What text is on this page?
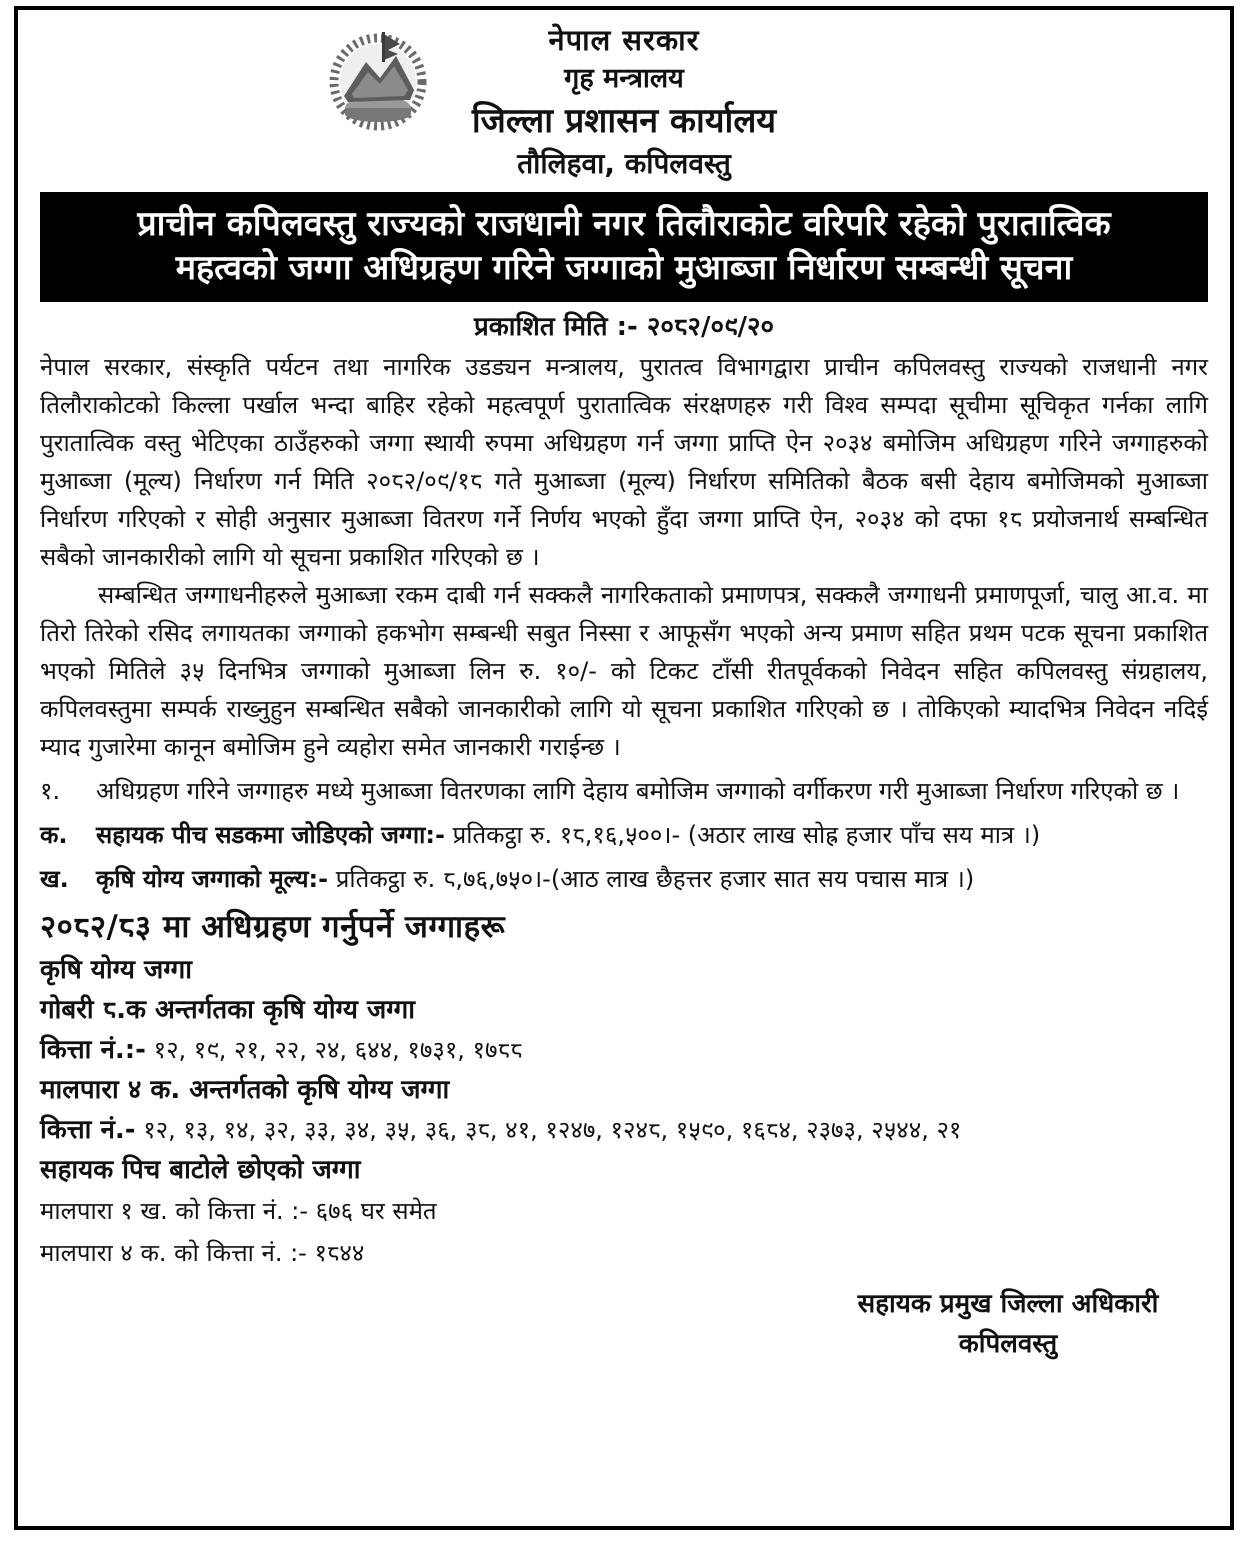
नेपाल सरकार
गृह मन्त्रालय
जिल्ला प्रशासन कार्यालय
तौलिहवा, कपिलवस्तु
प्राचीन कपिलवस्तु राज्यको राजधानी नगर तिलौराकोट वरिपरि रहेको पुरातात्विक
महत्वको जग्गा अधिग्रहण गरिने जग्गाको मुआब्जा निर्धारण सम्बन्धी सूचना
प्रकाशित मिति :- २०८२/०९/२०
नेपाल सरकार, संस्कृति पर्यटन तथा नागरिक उडड्यन मन्त्रालय, पुरातत्व विभागद्वारा प्राचीन कपिलवस्तु राज्यको राजधानी नगर तिलौराकोटको किल्ला पर्खाल भन्दा बाहिर रहेको महत्वपूर्ण पुरातात्विक संरक्षणहरु गरी विश्व सम्पदा सूचीमा सूचिकृत गर्नका लागि पुरातात्विक वस्तु भेटिएका ठाउँहरुको जग्गा स्थायी रुपमा अधिग्रहण गर्न जग्गा प्राप्ति ऐन २०३४ बमोजिम अधिग्रहण गरिने जग्गाहरुको मुआब्जा (मूल्य) निर्धारण गर्न मिति २०८२/०९/१८ गते मुआब्जा (मूल्य) निर्धारण समितिको बैठक बसी देहाय बमोजिमको मुआब्जा निर्धारण गरिएको र सोही अनुसार मुआब्जा वितरण गर्ने निर्णय भएको हुँदा जग्गा प्राप्ति ऐन, २०३४ को दफा १८ प्रयोजनार्थ सम्बन्धित सबैको जानकारीको लागि यो सूचना प्रकाशित गरिएको छ ।
सम्बन्धित जग्गाधनीहरुले मुआब्जा रकम दाबी गर्न सक्कलै नागरिकताको प्रमाणपत्र, सक्कलै जग्गाधनी प्रमाणपूर्जा, चालु आ.व. मा तिरो तिरेको रसिद लगायतका जग्गाको हकभोग सम्बन्धी सबुत निस्सा र आफूसँग भएको अन्य प्रमाण सहित प्रथम पटक सूचना प्रकाशित भएको मितिले ३५ दिनभित्र जग्गाको मुआब्जा लिन रु. १०/- को टिकट टाँसी रीतपूर्वकको निवेदन सहित कपिलवस्तु संग्रहालय, कपिलवस्तुमा सम्पर्क राख्नुहुन सम्बन्धित सबैको जानकारीको लागि यो सूचना प्रकाशित गरिएको छ । तोकिएको म्यादभित्र निवेदन नदिई म्याद गुजारेमा कानून बमोजिम हुने व्यहोरा समेत जानकारी गराईन्छ ।
१. अधिग्रहण गरिने जग्गाहरु मध्ये मुआब्जा वितरणका लागि देहाय बमोजिम जग्गाको वर्गीकरण गरी मुआब्जा निर्धारण गरिएको छ ।
क. सहायक पीच सडकमा जोडिएको जग्गा:- प्रतिकट्ठा रु. १८,१६,५००।- (अठार लाख सोह्र हजार पाँच सय मात्र ।)
ख. कृषि योग्य जग्गाको मूल्य:- प्रतिकट्ठा रु. ८,७६,७५०।-(आठ लाख छैहत्तर हजार सात सय पचास मात्र ।)
२०८२/८३ मा अधिग्रहण गर्नुपर्ने जग्गाहरू
कृषि योग्य जग्गा
गोबरी ८.क अन्तर्गतका कृषि योग्य जग्गा
कित्ता नं.:- १२, १९, २१, २२, २४, ६४४, १७३१, १७८८
मालपारा ४ क. अन्तर्गतको कृषि योग्य जग्गा
कित्ता नं.- १२, १३, १४, ३२, ३३, ३४, ३५, ३६, ३८, ४१, १२४७, १२४८, १५९०, १६८४, २३७३, २५४४, २१
सहायक पिच बाटोले छोएको जग्गा
मालपारा १ ख. को कित्ता नं. :- ६७६ घर समेत
मालपारा ४ क. को कित्ता नं. :- १८४४
सहायक प्रमुख जिल्ला अधिकारी
कपिलवस्तु
